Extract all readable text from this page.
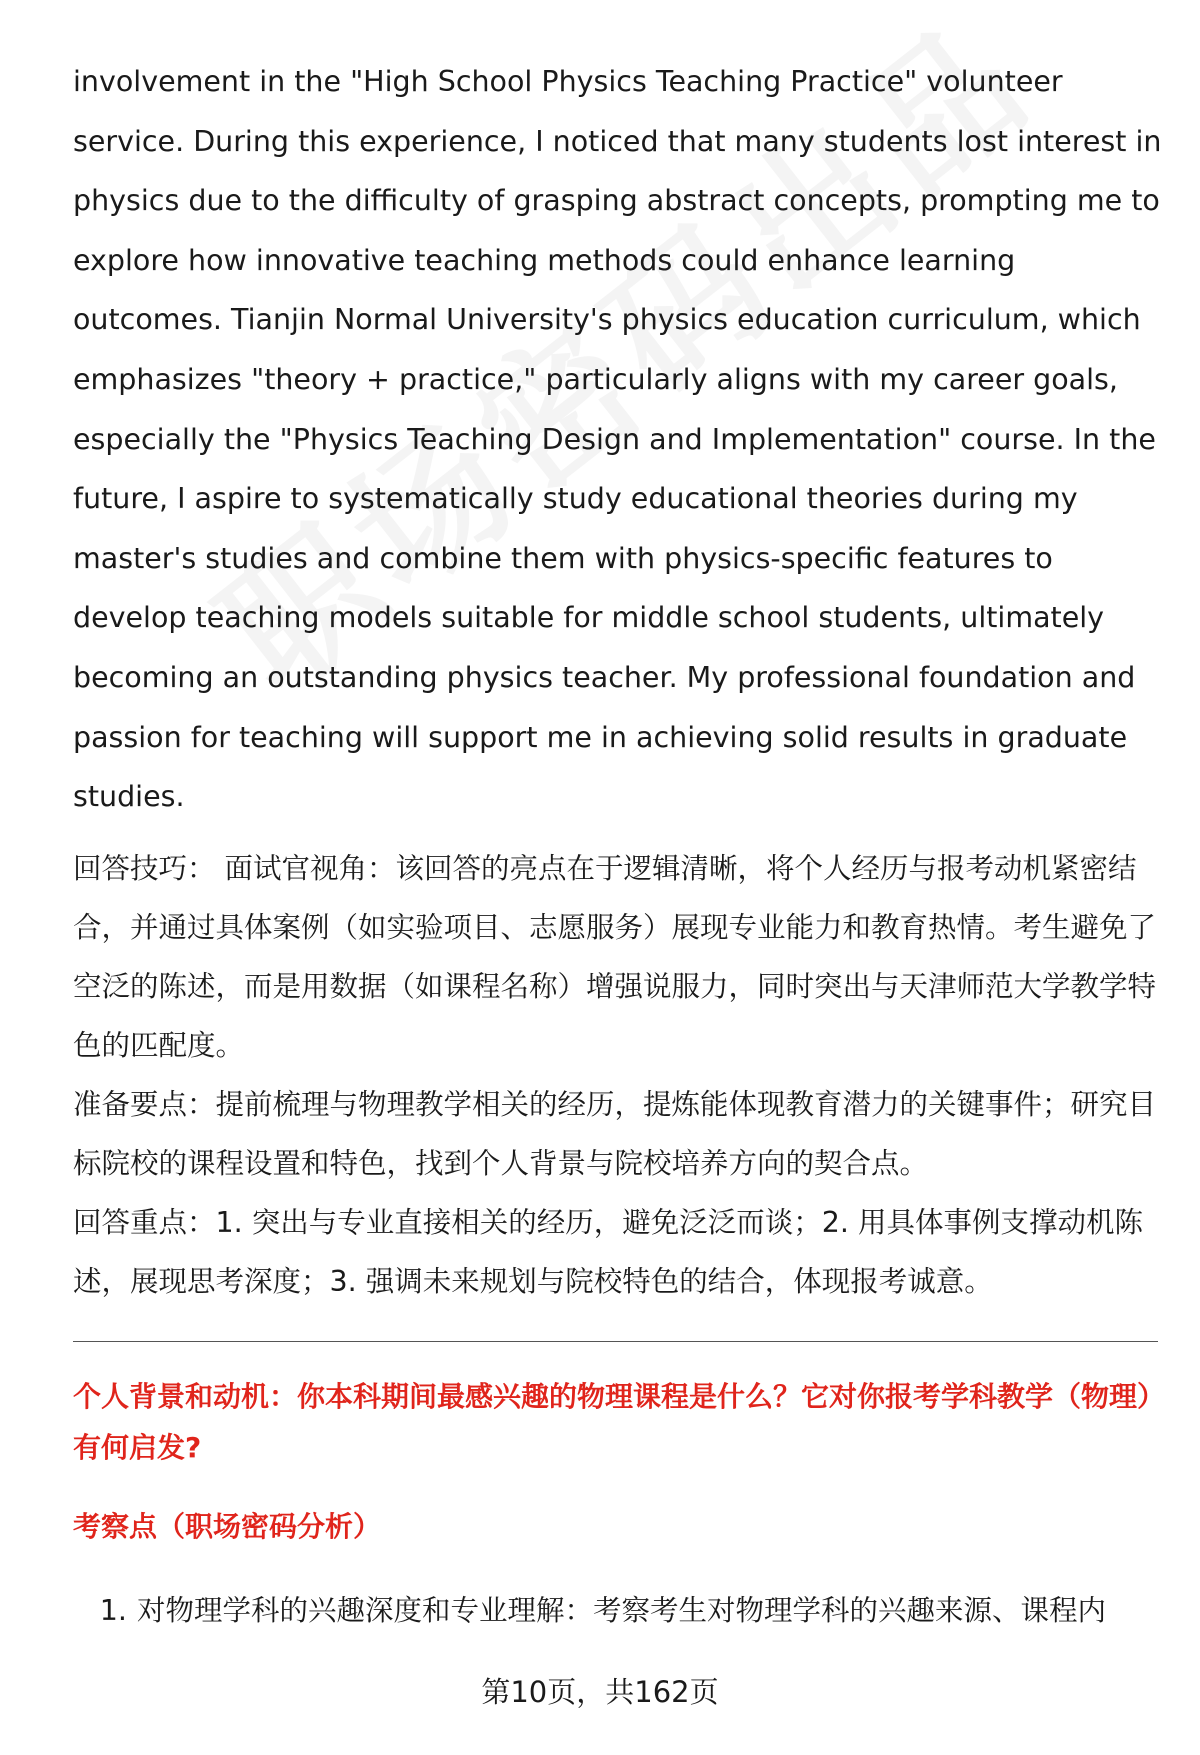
involvement in the "High School Physics Teaching Practice" volunteer service. During this experience, I noticed that many students lost interest in physics due to the difficulty of grasping abstract concepts, prompting me to explore how innovative teaching methods could enhance learning outcomes. Tianjin Normal University's physics education curriculum, which emphasizes "theory + practice," particularly aligns with my career goals, especially the "Physics Teaching Design and Implementation" course. In the future, I aspire to systematically study educational theories during my master's studies and combine them with physics-specific features to develop teaching models suitable for middle school students, ultimately becoming an outstanding physics teacher. My professional foundation and passion for teaching will support me in achieving solid results in graduate studies.

回答技巧： 面试官视角：该回答的亮点在于逻辑清晰，将个人经历与报考动机紧密结合，并通过具体案例（如实验项目、志愿服务）展现专业能力和教育热情。考生避免了空泛的陈述，而是用数据（如课程名称）增强说服力，同时突出与天津师范大学教学特色的匹配度。

准备要点：提前梳理与物理教学相关的经历，提炼能体现教育潜力的关键事件；研究目标院校的课程设置和特色，找到个人背景与院校培养方向的契合点。

回答重点：1. 突出与专业直接相关的经历，避免泛泛而谈；2. 用具体事例支撑动机陈述，展现思考深度；3. 强调未来规划与院校特色的结合，体现报考诚意。

个人背景和动机：你本科期间最感兴趣的物理课程是什么？它对你报考学科教学（物理）有何启发?

考察点（职场密码分析）

1. 对物理学科的兴趣深度和专业理解：考察考生对物理学科的兴趣来源、课程内
第10页，共162页
